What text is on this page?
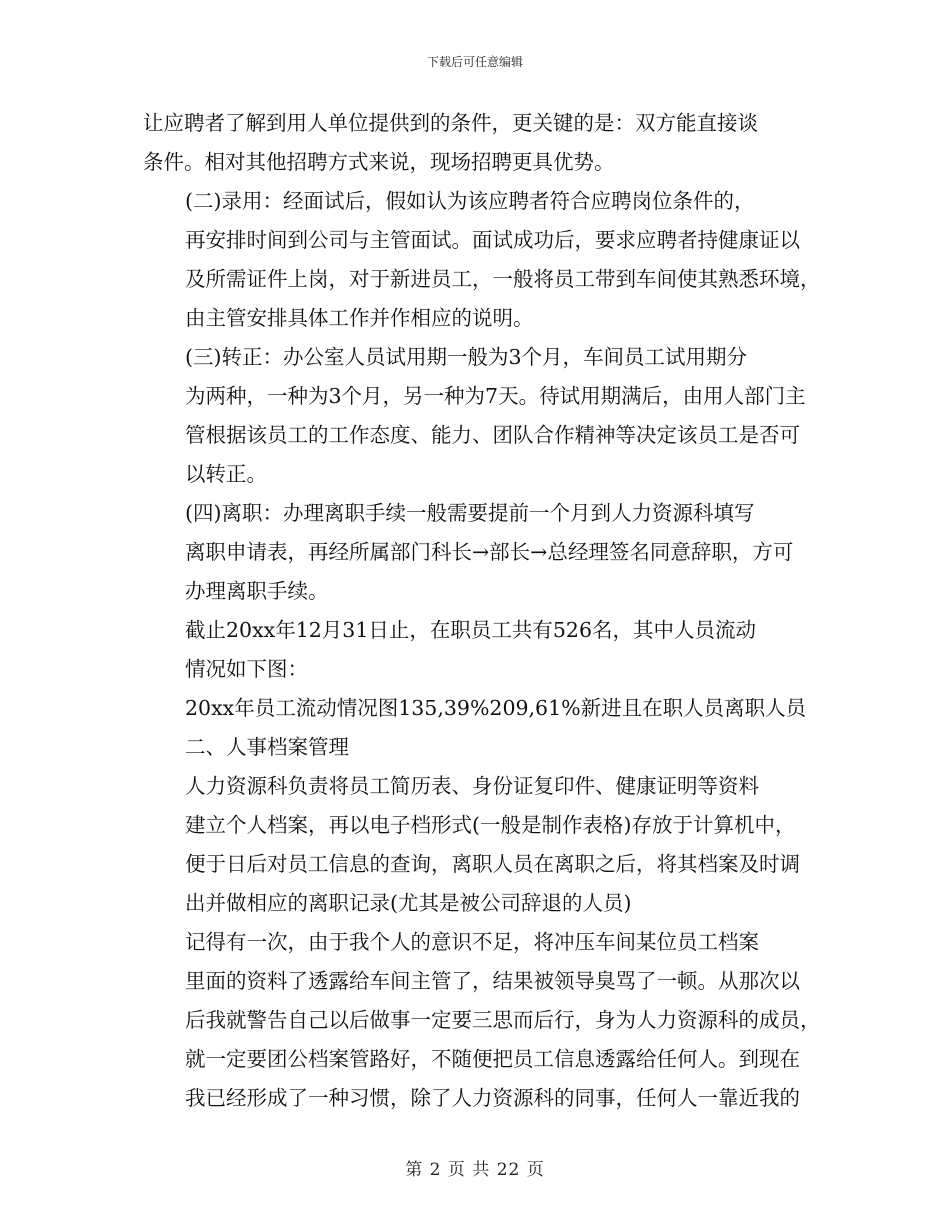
下载后可任意编辑

让应聘者了解到用人单位提供到的条件，更关键的是：双方能直接谈
条件。相对其他招聘方式来说，现场招聘更具优势。

(二)录用：经面试后，假如认为该应聘者符合应聘岗位条件的，
再安排时间到公司与主管面试。面试成功后，要求应聘者持健康证以
及所需证件上岗，对于新进员工，一般将员工带到车间使其熟悉环境，
由主管安排具体工作并作相应的说明。

(三)转正：办公室人员试用期一般为3个月，车间员工试用期分
为两种，一种为3个月，另一种为7天。待试用期满后，由用人部门主
管根据该员工的工作态度、能力、团队合作精神等决定该员工是否可
以转正。

(四)离职：办理离职手续一般需要提前一个月到人力资源科填写
离职申请表，再经所属部门科长→部长→总经理签名同意辞职，方可
办理离职手续。

截止20xx年12月31日止，在职员工共有526名，其中人员流动
情况如下图：

20xx年员工流动情况图135,39%209,61%新进且在职人员离职人员

二、人事档案管理

人力资源科负责将员工简历表、身份证复印件、健康证明等资料
建立个人档案，再以电子档形式(一般是制作表格)存放于计算机中，
便于日后对员工信息的查询，离职人员在离职之后，将其档案及时调
出并做相应的离职记录(尤其是被公司辞退的人员)

记得有一次，由于我个人的意识不足，将冲压车间某位员工档案
里面的资料了透露给车间主管了，结果被领导臭骂了一顿。从那次以
后我就警告自己以后做事一定要三思而后行，身为人力资源科的成员，
就一定要团公档案管路好，不随便把员工信息透露给任何人。到现在
我已经形成了一种习惯，除了人力资源科的同事，任何人一靠近我的

第 2 页 共 22 页
